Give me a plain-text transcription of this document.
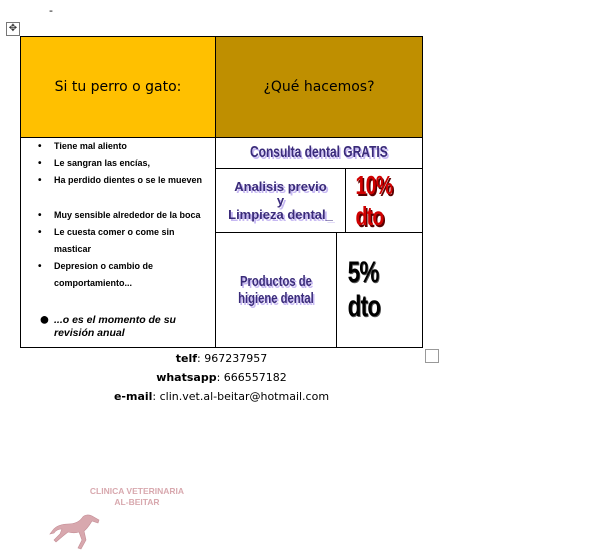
-
✥
Si tu perro o gato:	¿Qué hacemos?
• Tiene mal aliento
• Le sangran las encías,
• Ha perdido dientes o se le mueven
• Muy sensible alrededor de la boca
• Le cuesta comer o come sin masticar
• Depresion o cambio de comportamiento...
● ...o es el momento de su revisión anual
Consulta dental GRATIS
Analisis previo
y
Limpieza dental_
10% dto
Productos de higiene dental
5% dto
telf: 967237957
whatsapp: 666557182
e-mail: clin.vet.al-beitar@hotmail.com
CLINICA VETERINARIA
AL-BEITAR
